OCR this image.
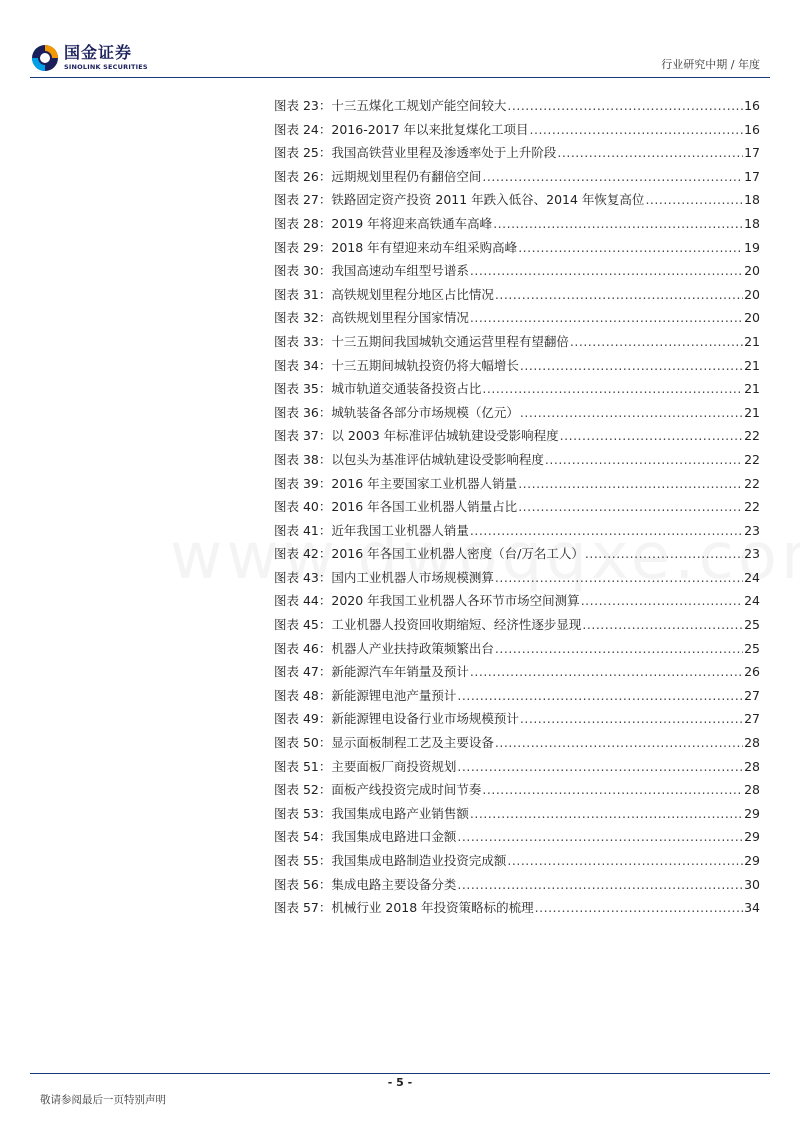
国金证券
SINOLINK SECURITIES	行业研究中期 / 年度
图表 23： 十三五煤化工规划产能空间较大 .....	16
图表 24： 2016-2017 年以来批复煤化工项目 .....	16
图表 25： 我国高铁营业里程及渗透率处于上升阶段 .....	17
图表 26： 远期规划里程仍有翻倍空间 .....	17
图表 27： 铁路固定资产投资 2011 年跌入低谷、2014 年恢复高位 .....	18
图表 28： 2019 年将迎来高铁通车高峰 .....	18
图表 29： 2018 年有望迎来动车组采购高峰 .....	19
图表 30： 我国高速动车组型号谱系 .....	20
图表 31： 高铁规划里程分地区占比情况 .....	20
图表 32： 高铁规划里程分国家情况 .....	20
图表 33： 十三五期间我国城轨交通运营里程有望翻倍 .....	21
图表 34： 十三五期间城轨投资仍将大幅增长 .....	21
图表 35： 城市轨道交通装备投资占比 .....	21
图表 36： 城轨装备各部分市场规模（亿元） .....	21
图表 37： 以 2003 年标准评估城轨建设受影响程度 .....	22
图表 38： 以包头为基准评估城轨建设受影响程度 .....	22
图表 39： 2016 年主要国家工业机器人销量 .....	22
图表 40： 2016 年各国工业机器人销量占比 .....	22
图表 41： 近年我国工业机器人销量 .....	23
图表 42： 2016 年各国工业机器人密度（台/万名工人） .....	23
图表 43： 国内工业机器人市场规模测算 .....	24
图表 44： 2020 年我国工业机器人各环节市场空间测算 .....	24
图表 45： 工业机器人投资回收期缩短、经济性逐步显现 .....	25
图表 46： 机器人产业扶持政策频繁出台 .....	25
图表 47： 新能源汽车年销量及预计 .....	26
图表 48： 新能源锂电池产量预计 .....	27
图表 49： 新能源锂电设备行业市场规模预计 .....	27
图表 50： 显示面板制程工艺及主要设备 .....	28
图表 51： 主要面板厂商投资规划 .....	28
图表 52： 面板产线投资完成时间节奏 .....	28
图表 53： 我国集成电路产业销售额 .....	29
图表 54： 我国集成电路进口金额 .....	29
图表 55： 我国集成电路制造业投资完成额 .....	29
图表 56： 集成电路主要设备分类 .....	30
图表 57： 机械行业 2018 年投资策略标的梳理 .....	34
- 5 -
敬请参阅最后一页特别声明
